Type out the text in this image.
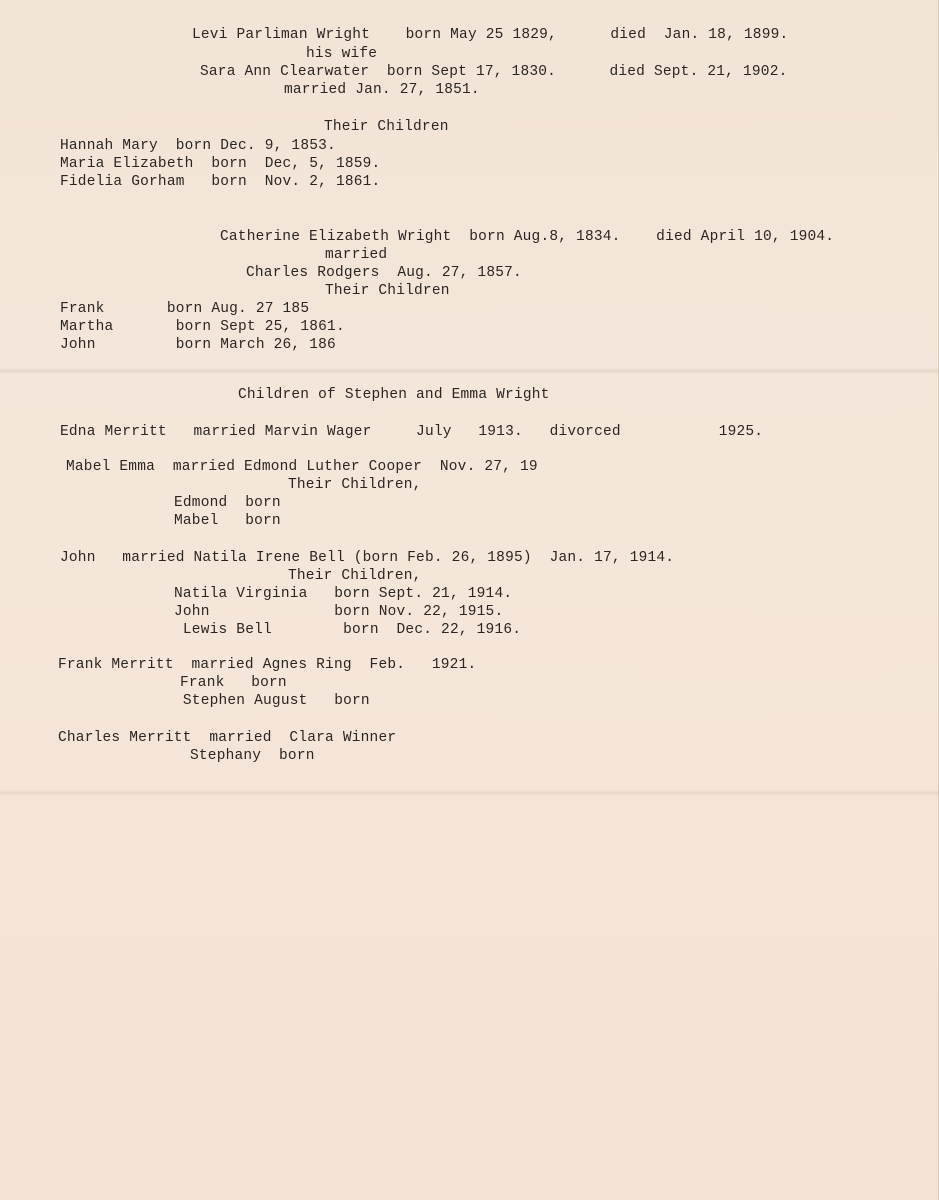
Levi Parliman Wright    born May 25 1829,      died  Jan. 18, 1899.
his wife
Sara Ann Clearwater  born Sept 17, 1830.      died Sept. 21, 1902.
married Jan. 27, 1851.
Their Children
Hannah Mary  born Dec. 9, 1853.
Maria Elizabeth  born  Dec, 5, 1859.
Fidelia Gorham   born  Nov. 2, 1861.
Catherine Elizabeth Wright  born Aug.8, 1834.    died April 10, 1904.
married
Charles Rodgers  Aug. 27, 1857.
Their Children
Frank       born Aug. 27 185
Martha       born Sept 25, 1861.
John         born March 26, 186
Children of Stephen and Emma Wright
Edna Merritt   married Marvin Wager     July   1913.   divorced           1925.
Mabel Emma  married Edmond Luther Cooper  Nov. 27, 19
Their Children,
Edmond  born
Mabel   born
John   married Natila Irene Bell (born Feb. 26, 1895)  Jan. 17, 1914.
Their Children,
Natila Virginia   born Sept. 21, 1914.
John              born Nov. 22, 1915.
Lewis Bell        born  Dec. 22, 1916.
Frank Merritt  married Agnes Ring  Feb.   1921.
Frank   born
Stephen August   born
Charles Merritt  married  Clara Winner
Stephany  born
